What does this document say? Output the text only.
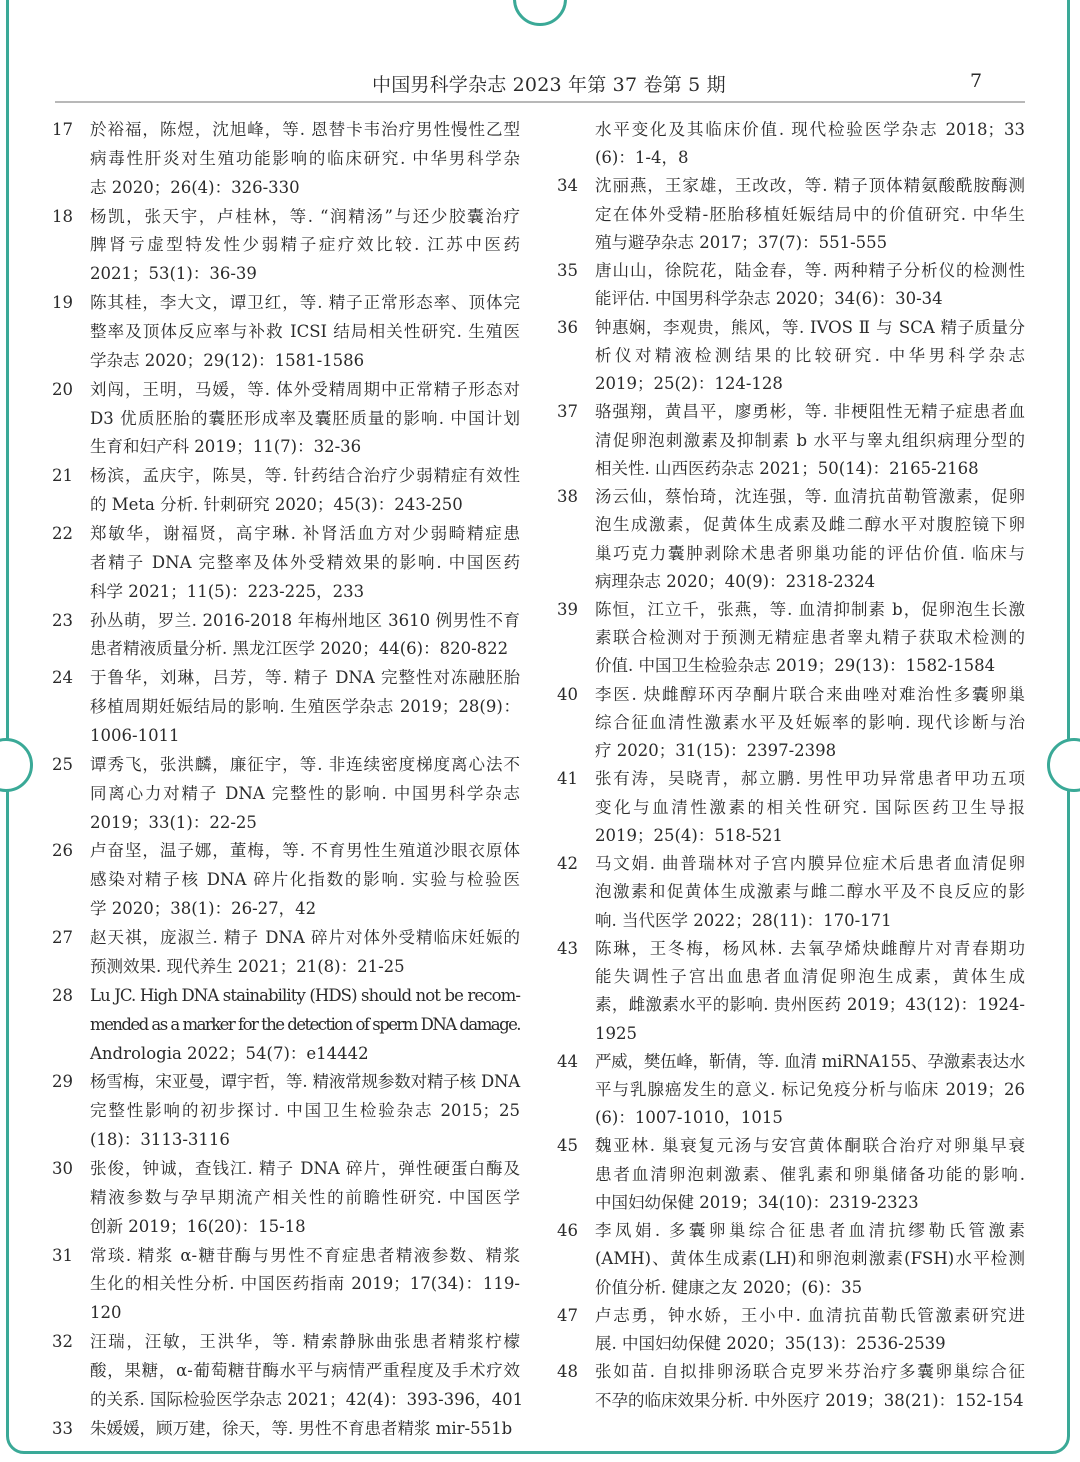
中国男科学杂志 2023 年第 37 卷第 5 期	7
17 於裕福，陈煜，沈旭峰，等. 恩替卡韦治疗男性慢性乙型
病毒性肝炎对生殖功能影响的临床研究. 中华男科学杂
志 2020；26(4)：326-330
18 杨凯，张天宇，卢桂林，等. “润精汤”与还少胶囊治疗
脾肾亏虚型特发性少弱精子症疗效比较. 江苏中医药
2021；53(1)：36-39
19 陈其桂，李大文，谭卫红，等. 精子正常形态率、顶体完
整率及顶体反应率与补救 ICSI 结局相关性研究. 生殖医
学杂志 2020；29(12)：1581-1586
20 刘闯，王明，马媛，等. 体外受精周期中正常精子形态对
D3 优质胚胎的囊胚形成率及囊胚质量的影响. 中国计划
生育和妇产科 2019；11(7)：32-36
21 杨滨，孟庆宇，陈昊，等. 针药结合治疗少弱精症有效性
的 Meta 分析. 针刺研究 2020；45(3)：243-250
22 郑敏华，谢福贤，高宇琳. 补肾活血方对少弱畸精症患
者精子 DNA 完整率及体外受精效果的影响. 中国医药
科学 2021；11(5)：223-225，233
23 孙丛萌，罗兰. 2016-2018 年梅州地区 3610 例男性不育
患者精液质量分析. 黑龙江医学 2020；44(6)：820-822
24 于鲁华，刘琳，吕芳，等. 精子 DNA 完整性对冻融胚胎
移植周期妊娠结局的影响. 生殖医学杂志 2019；28(9)：
1006-1011
25 谭秀飞，张洪麟，廉征宇，等. 非连续密度梯度离心法不
同离心力对精子 DNA 完整性的影响. 中国男科学杂志
2019；33(1)：22-25
26 卢奋坚，温子娜，董梅，等. 不育男性生殖道沙眼衣原体
感染对精子核 DNA 碎片化指数的影响. 实验与检验医
学 2020；38(1)：26-27，42
27 赵天祺，庞淑兰. 精子 DNA 碎片对体外受精临床妊娠的
预测效果. 现代养生 2021；21(8)：21-25
28 Lu JC. High DNA stainability (HDS) should not be recom-
mended as a marker for the detection of sperm DNA damage.
Andrologia 2022；54(7)：e14442
29 杨雪梅，宋亚曼，谭宇哲，等. 精液常规参数对精子核 DNA
完整性影响的初步探讨. 中国卫生检验杂志 2015；25
(18)：3113-3116
30 张俊，钟诚，查钱江. 精子 DNA 碎片，弹性硬蛋白酶及
精液参数与孕早期流产相关性的前瞻性研究. 中国医学
创新 2019；16(20)：15-18
31 常琰. 精浆 α-糖苷酶与男性不育症患者精液参数、精浆
生化的相关性分析. 中国医药指南 2019；17(34)：119-
120
32 汪瑞，汪敏，王洪华，等. 精索静脉曲张患者精浆柠檬
酸，果糖，α-葡萄糖苷酶水平与病情严重程度及手术疗效
的关系. 国际检验医学杂志 2021；42(4)：393-396，401
33 朱媛媛，顾万建，徐天，等. 男性不育患者精浆 mir-551b
水平变化及其临床价值. 现代检验医学杂志 2018；33
(6)：1-4，8
34 沈丽燕，王家雄，王改改，等. 精子顶体精氨酸酰胺酶测
定在体外受精-胚胎移植妊娠结局中的价值研究. 中华生
殖与避孕杂志 2017；37(7)：551-555
35 唐山山，徐院花，陆金春，等. 两种精子分析仪的检测性
能评估. 中国男科学杂志 2020；34(6)：30-34
36 钟惠娴，李观贵，熊风，等. IVOS Ⅱ 与 SCA 精子质量分
析仪对精液检测结果的比较研究. 中华男科学杂志
2019；25(2)：124-128
37 骆强翔，黄昌平，廖勇彬，等. 非梗阻性无精子症患者血
清促卵泡刺激素及抑制素 b 水平与睾丸组织病理分型的
相关性. 山西医药杂志 2021；50(14)：2165-2168
38 汤云仙，蔡怡琦，沈连强，等. 血清抗苗勒管激素，促卵
泡生成激素，促黄体生成素及雌二醇水平对腹腔镜下卵
巢巧克力囊肿剥除术患者卵巢功能的评估价值. 临床与
病理杂志 2020；40(9)：2318-2324
39 陈恒，江立千，张燕，等. 血清抑制素 b，促卵泡生长激
素联合检测对于预测无精症患者睾丸精子获取术检测的
价值. 中国卫生检验杂志 2019；29(13)：1582-1584
40 李医. 炔雌醇环丙孕酮片联合来曲唑对难治性多囊卵巢
综合征血清性激素水平及妊娠率的影响. 现代诊断与治
疗 2020；31(15)：2397-2398
41 张有涛，吴晓青，郝立鹏. 男性甲功异常患者甲功五项
变化与血清性激素的相关性研究. 国际医药卫生导报
2019；25(4)：518-521
42 马文娟. 曲普瑞林对子宫内膜异位症术后患者血清促卵
泡激素和促黄体生成激素与雌二醇水平及不良反应的影
响. 当代医学 2022；28(11)：170-171
43 陈琳，王冬梅，杨风林. 去氧孕烯炔雌醇片对青春期功
能失调性子宫出血患者血清促卵泡生成素，黄体生成
素，雌激素水平的影响. 贵州医药 2019；43(12)：1924-
1925
44 严威，樊伍峰，靳倩，等. 血清 miRNA155、孕激素表达水
平与乳腺癌发生的意义. 标记免疫分析与临床 2019；26
(6)：1007-1010，1015
45 魏亚林. 巢衰复元汤与安宫黄体酮联合治疗对卵巢早衰
患者血清卵泡刺激素、催乳素和卵巢储备功能的影响.
中国妇幼保健 2019；34(10)：2319-2323
46 李凤娟. 多囊卵巢综合征患者血清抗缪勒氏管激素
(AMH)、黄体生成素(LH)和卵泡刺激素(FSH)水平检测
价值分析. 健康之友 2020；(6)：35
47 卢志勇，钟水娇，王小中. 血清抗苗勒氏管激素研究进
展. 中国妇幼保健 2020；35(13)：2536-2539
48 张如苗. 自拟排卵汤联合克罗米芬治疗多囊卵巢综合征
不孕的临床效果分析. 中外医疗 2019；38(21)：152-154
